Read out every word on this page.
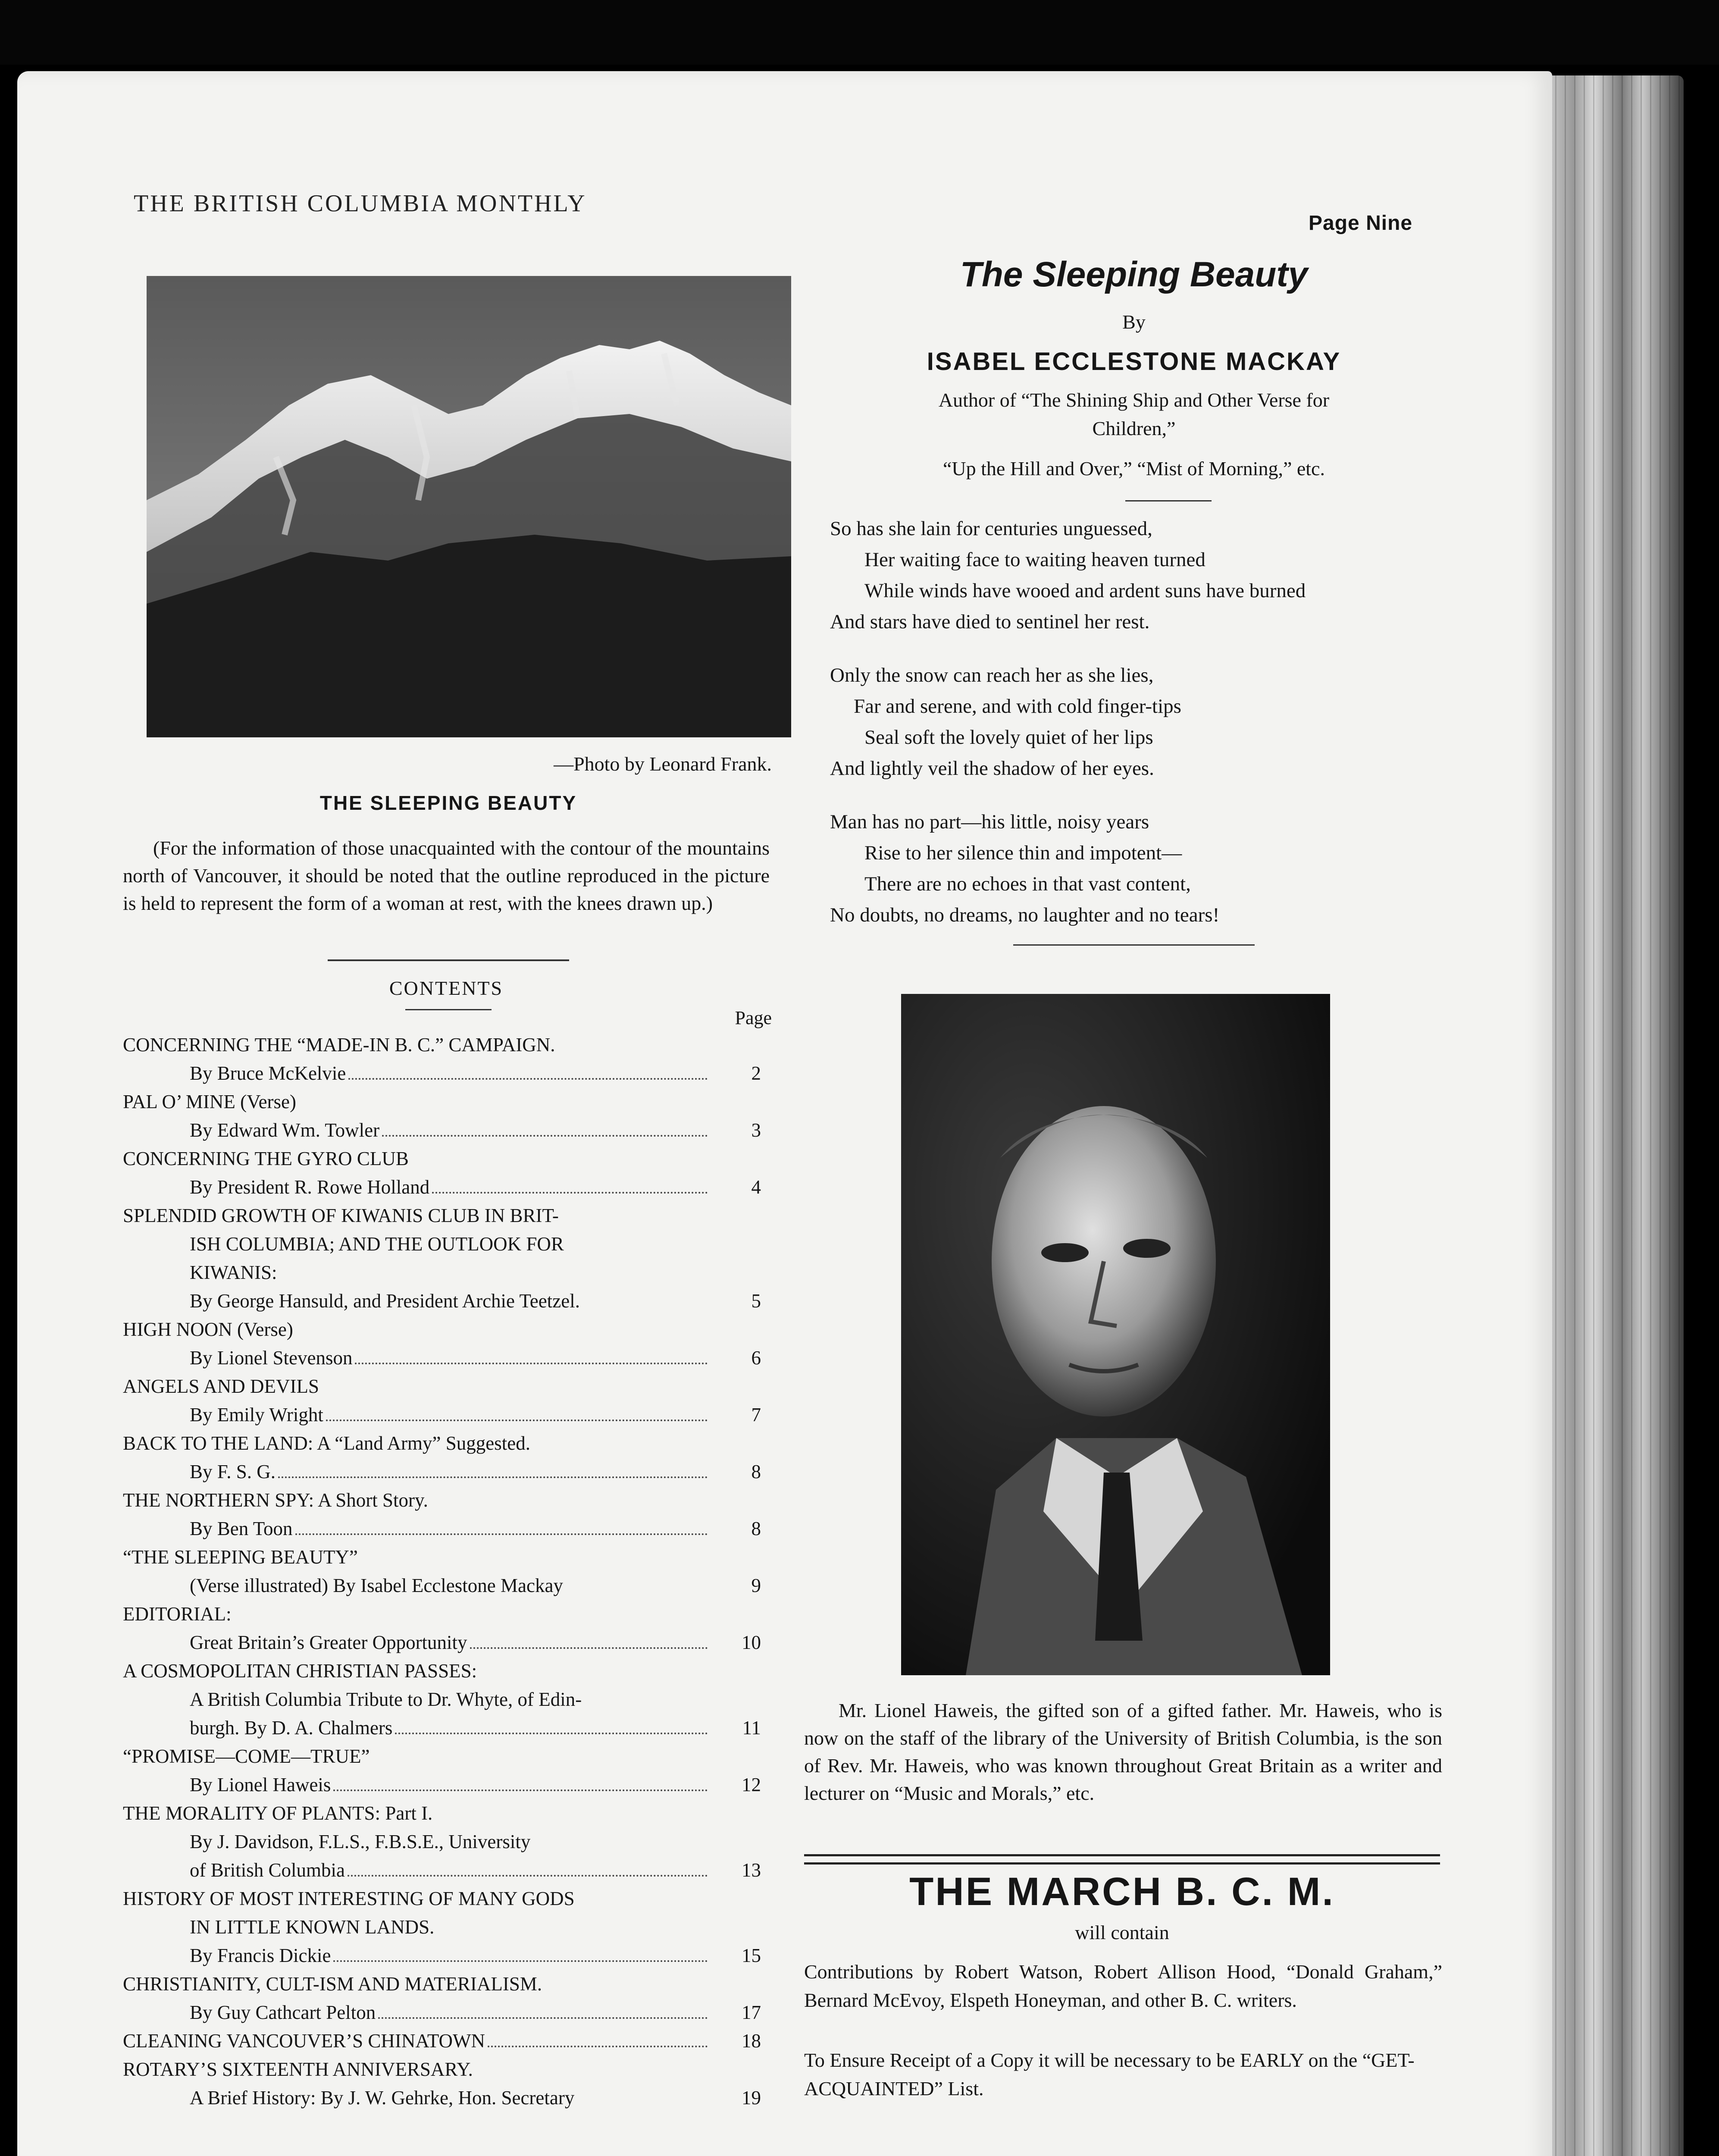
THE BRITISH COLUMBIA MONTHLY
Page Nine
—Photo by Leonard Frank.
THE SLEEPING BEAUTY
(For the information of those unacquainted with the contour of the mountains north of Vancouver, it should be noted that the outline reproduced in the picture is held to represent the form of a woman at rest, with the knees drawn up.)
CONTENTS
Page
CONCERNING THE “MADE-IN B. C.” CAMPAIGN.
By Bruce McKelvie	2
PAL O’ MINE (Verse)
By Edward Wm. Towler	3
CONCERNING THE GYRO CLUB
By President R. Rowe Holland	4
SPLENDID GROWTH OF KIWANIS CLUB IN BRIT-
ISH COLUMBIA; AND THE OUTLOOK FOR
KIWANIS:
By George Hansuld, and President Archie Teetzel.	5
HIGH NOON (Verse)
By Lionel Stevenson	6
ANGELS AND DEVILS
By Emily Wright	7
BACK TO THE LAND: A “Land Army” Suggested.
By F. S. G.	8
THE NORTHERN SPY: A Short Story.
By Ben Toon	8
“THE SLEEPING BEAUTY”
(Verse illustrated) By Isabel Ecclestone Mackay	9
EDITORIAL:
Great Britain’s Greater Opportunity	10
A COSMOPOLITAN CHRISTIAN PASSES:
A British Columbia Tribute to Dr. Whyte, of Edin-
burgh. By D. A. Chalmers	11
“PROMISE—COME—TRUE”
By Lionel Haweis	12
THE MORALITY OF PLANTS: Part I.
By J. Davidson, F.L.S., F.B.S.E., University
of British Columbia	13
HISTORY OF MOST INTERESTING OF MANY GODS
IN LITTLE KNOWN LANDS.
By Francis Dickie	15
CHRISTIANITY, CULT-ISM AND MATERIALISM.
By Guy Cathcart Pelton	17
CLEANING VANCOUVER’S CHINATOWN	18
ROTARY’S SIXTEENTH ANNIVERSARY.
A Brief History: By J. W. Gehrke, Hon. Secretary	19
The Sleeping Beauty
By
ISABEL ECCLESTONE MACKAY
Author of “The Shining Ship and Other Verse for
Children,”
“Up the Hill and Over,” “Mist of Morning,” etc.
So has she lain for centuries unguessed,
Her waiting face to waiting heaven turned
While winds have wooed and ardent suns have burned
And stars have died to sentinel her rest.
Only the snow can reach her as she lies,
Far and serene, and with cold finger-tips
Seal soft the lovely quiet of her lips
And lightly veil the shadow of her eyes.
Man has no part—his little, noisy years
Rise to her silence thin and impotent—
There are no echoes in that vast content,
No doubts, no dreams, no laughter and no tears!
Mr. Lionel Haweis, the gifted son of a gifted father. Mr. Haweis, who is now on the staff of the library of the University of British Columbia, is the son of Rev. Mr. Haweis, who was known throughout Great Britain as a writer and lecturer on “Music and Morals,” etc.
THE MARCH B. C. M.
will contain
Contributions by Robert Watson, Robert Allison Hood, “Donald Graham,” Bernard McEvoy, Elspeth Honeyman, and other B. C. writers.
To Ensure Receipt of a Copy it will be necessary to be EARLY on the “GET-ACQUAINTED” List.
